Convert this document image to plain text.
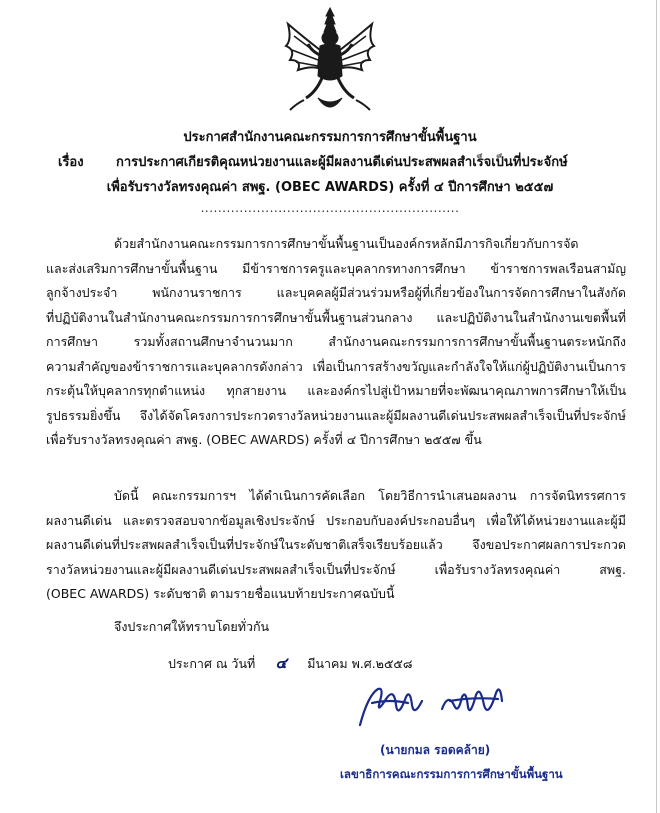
ประกาศสำนักงานคณะกรรมการการศึกษาขั้นพื้นฐาน
เรื่อง การประกาศเกียรติคุณหน่วยงานและผู้มีผลงานดีเด่นประสพผลสำเร็จเป็นที่ประจักษ์
เพื่อรับรางวัลทรงคุณค่า สพฐ. (OBEC AWARDS) ครั้งที่ ๔ ปีการศึกษา ๒๕๕๗
............................................................
ด้วยสำนักงานคณะกรรมการการศึกษาขั้นพื้นฐานเป็นองค์กรหลักมีภารกิจเกี่ยวกับการจัด
และส่งเสริมการศึกษาขั้นพื้นฐาน มีข้าราชการครูและบุคลากรทางการศึกษา ข้าราชการพลเรือนสามัญ
ลูกจ้างประจำ พนักงานราชการ และบุคคลผู้มีส่วนร่วมหรือผู้ที่เกี่ยวข้องในการจัดการศึกษาในสังกัด
ที่ปฏิบัติงานในสำนักงานคณะกรรมการการศึกษาขั้นพื้นฐานส่วนกลาง และปฏิบัติงานในสำนักงานเขตพื้นที่
การศึกษา รวมทั้งสถานศึกษาจำนวนมาก สำนักงานคณะกรรมการการศึกษาขั้นพื้นฐานตระหนักถึง
ความสำคัญของข้าราชการและบุคลากรดังกล่าว เพื่อเป็นการสร้างขวัญและกำลังใจให้แก่ผู้ปฏิบัติงานเป็นการ
กระตุ้นให้บุคลากรทุกตำแหน่ง ทุกสายงาน และองค์กรไปสู่เป้าหมายที่จะพัฒนาคุณภาพการศึกษาให้เป็น
รูปธรรมยิ่งขึ้น จึงได้จัดโครงการประกวดรางวัลหน่วยงานและผู้มีผลงานดีเด่นประสพผลสำเร็จเป็นที่ประจักษ์
เพื่อรับรางวัลทรงคุณค่า สพฐ. (OBEC AWARDS) ครั้งที่ ๔ ปีการศึกษา ๒๕๕๗ ขึ้น
บัดนี้ คณะกรรมการฯ ได้ดำเนินการคัดเลือก โดยวิธีการนำเสนอผลงาน การจัดนิทรรศการ
ผลงานดีเด่น และตรวจสอบจากข้อมูลเชิงประจักษ์ ประกอบกับองค์ประกอบอื่นๆ เพื่อให้ได้หน่วยงานและผู้มี
ผลงานดีเด่นที่ประสพผลสำเร็จเป็นที่ประจักษ์ในระดับชาติเสร็จเรียบร้อยแล้ว จึงขอประกาศผลการประกวด
รางวัลหน่วยงานและผู้มีผลงานดีเด่นประสพผลสำเร็จเป็นที่ประจักษ์ เพื่อรับรางวัลทรงคุณค่า สพฐ.
(OBEC AWARDS) ระดับชาติ ตามรายชื่อแนบท้ายประกาศฉบับนี้
จึงประกาศให้ทราบโดยทั่วกัน
ประกาศ ณ วันที่ ๔ มีนาคม พ.ศ.๒๕๕๘
(นายกมล รอดคล้าย)
เลขาธิการคณะกรรมการการศึกษาขั้นพื้นฐาน
